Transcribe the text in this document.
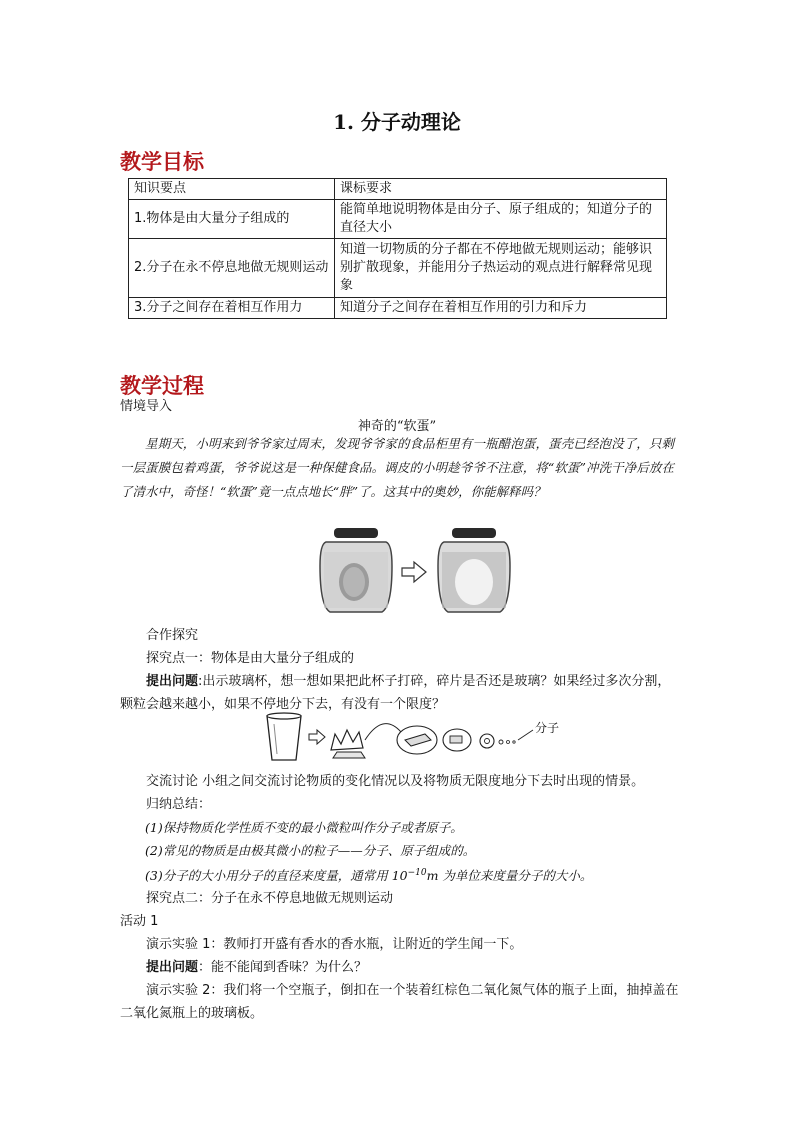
1. 分子动理论
教学目标
知识要点	课标要求
1.物体是由大量分子组成的	能简单地说明物体是由分子、原子组成的；知道分子的直径大小
2.分子在永不停息地做无规则运动	知道一切物质的分子都在不停地做无规则运动；能够识别扩散现象，并能用分子热运动的观点进行解释常见现象
3.分子之间存在着相互作用力	知道分子之间存在着相互作用的引力和斥力
教学过程
情境导入
神奇的“软蛋”

星期天，小明来到爷爷家过周末，发现爷爷家的食品柜里有一瓶醋泡蛋，蛋壳已经泡没了，只剩一层蛋膜包着鸡蛋，爷爷说这是一种保健食品。调皮的小明趁爷爷不注意，将“软蛋”冲洗干净后放在了清水中，奇怪！“软蛋”竟一点点地长“胖”了。这其中的奥妙，你能解释吗？

合作探究
探究点一：物体是由大量分子组成的
提出问题:出示玻璃杯，想一想如果把此杯子打碎，碎片是否还是玻璃？如果经过多次分割，颗粒会越来越小，如果不停地分下去，有没有一个限度？
分子
交流讨论 小组之间交流讨论物质的变化情况以及将物质无限度地分下去时出现的情景。
归纳总结：
(1)保持物质化学性质不变的最小微粒叫作分子或者原子。
(2)常见的物质是由极其微小的粒子——分子、原子组成的。
(3)分子的大小用分子的直径来度量，通常用 $10^{-10}m$ 为单位来度量分子的大小。
探究点二：分子在永不停息地做无规则运动
活动 1
演示实验 1：教师打开盛有香水的香水瓶，让附近的学生闻一下。
提出问题：能不能闻到香味？为什么？
演示实验 2：我们将一个空瓶子，倒扣在一个装着红棕色二氧化氮气体的瓶子上面，抽掉盖在二氧化氮瓶上的玻璃板。
